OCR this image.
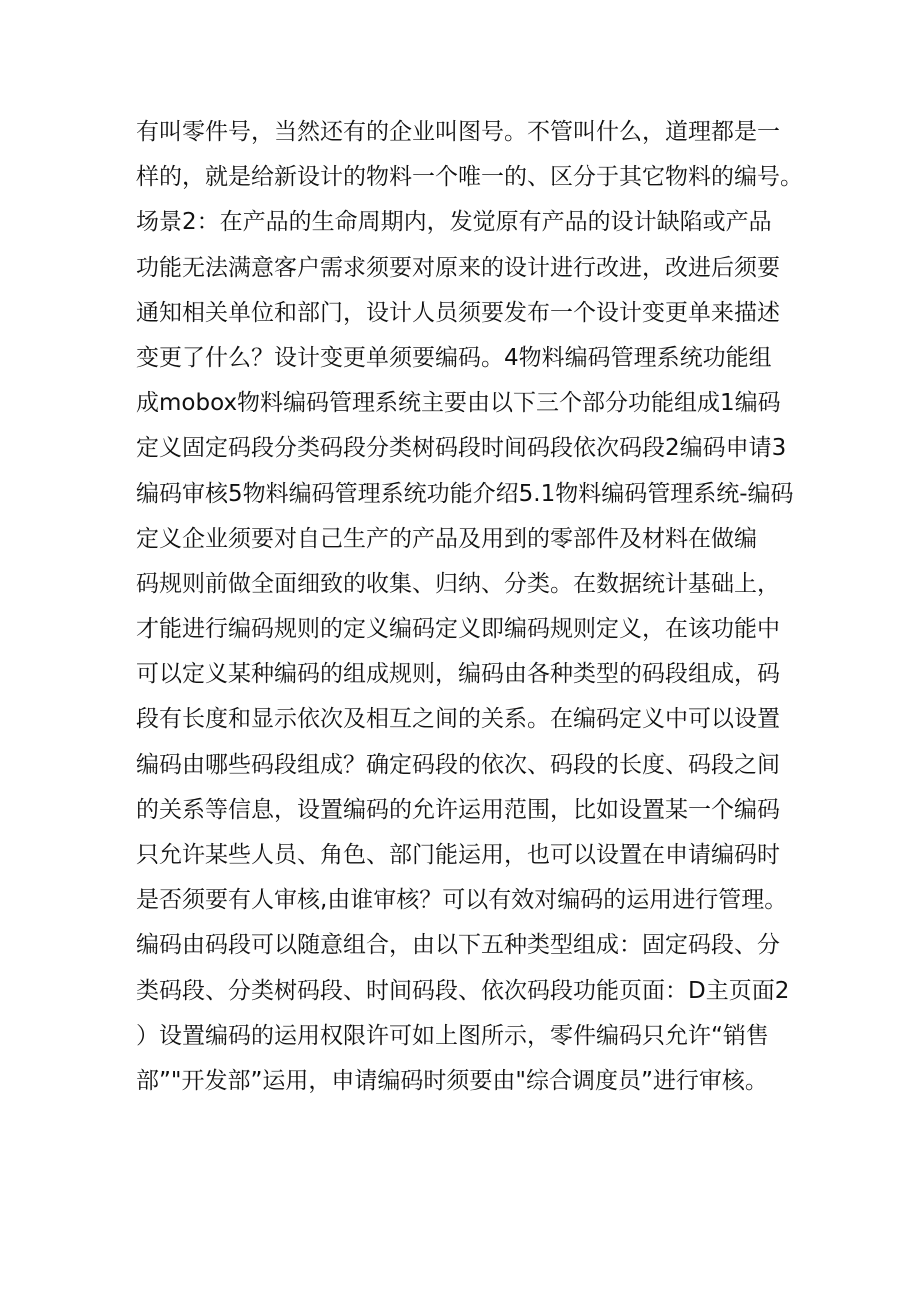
有叫零件号，当然还有的企业叫图号。不管叫什么，道理都是一
样的，就是给新设计的物料一个唯一的、区分于其它物料的编号。
场景2：在产品的生命周期内，发觉原有产品的设计缺陷或产品
功能无法满意客户需求须要对原来的设计进行改进，改进后须要
通知相关单位和部门，设计人员须要发布一个设计变更单来描述
变更了什么？设计变更单须要编码。4物料编码管理系统功能组
成mobox物料编码管理系统主要由以下三个部分功能组成1编码
定义固定码段分类码段分类树码段时间码段依次码段2编码申请3
编码审核5物料编码管理系统功能介绍5.1物料编码管理系统-编码
定义企业须要对自己生产的产品及用到的零部件及材料在做编
码规则前做全面细致的收集、归纳、分类。在数据统计基础上，
才能进行编码规则的定义编码定义即编码规则定义，在该功能中
可以定义某种编码的组成规则，编码由各种类型的码段组成，码
段有长度和显示依次及相互之间的关系。在编码定义中可以设置
编码由哪些码段组成？确定码段的依次、码段的长度、码段之间
的关系等信息，设置编码的允许运用范围，比如设置某一个编码
只允许某些人员、角色、部门能运用，也可以设置在申请编码时
是否须要有人审核,由谁审核？可以有效对编码的运用进行管理。
编码由码段可以随意组合，由以下五种类型组成：固定码段、分
类码段、分类树码段、时间码段、依次码段功能页面：D主页面2
）设置编码的运用权限许可如上图所示，零件编码只允许“销售
部”"开发部”运用，申请编码时须要由"综合调度员”进行审核。
